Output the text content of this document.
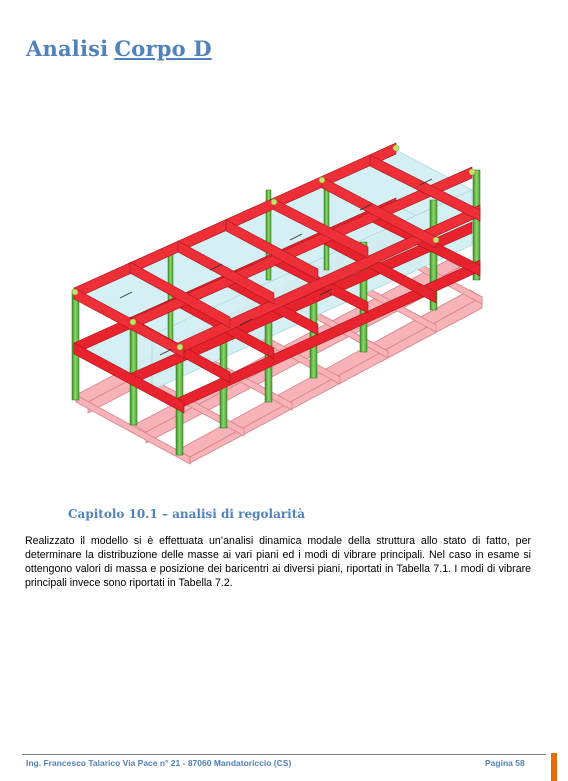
Analisi Corpo D
Capitolo 10.1 – analisi di regolarità

Realizzato il modello si è effettuata un’analisi dinamica modale della struttura allo stato di fatto, per determinare la distribuzione delle masse ai vari piani ed i modi di vibrare principali. Nel caso in esame si ottengono valori di massa e posizione dei baricentri ai diversi piani, riportati in Tabella 7.1. I modi di vibrare principali invece sono riportati in Tabella 7.2.

Ing. Francesco Talarico Via Pace n° 21 - 87060 Mandatoriccio (CS)	Pagina 58
